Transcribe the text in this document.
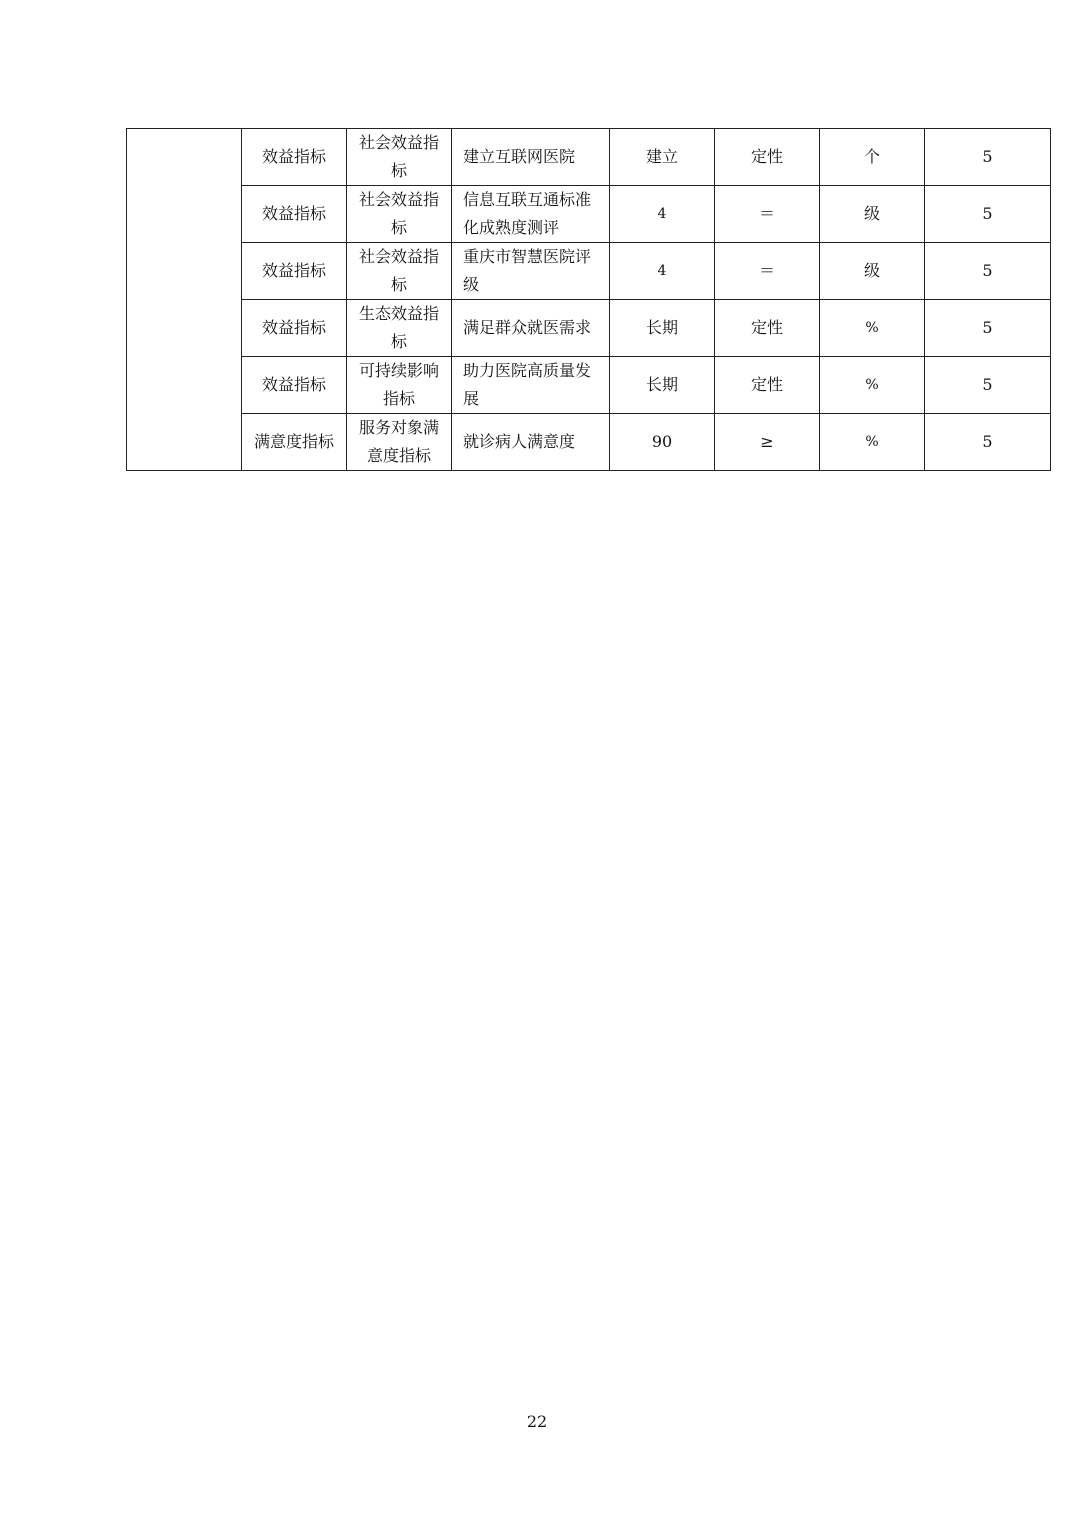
	效益指标	社会效益指标	建立互联网医院	建立	定性	个	5
	效益指标	社会效益指标	信息互联互通标准化成熟度测评	4	＝	级	5
	效益指标	社会效益指标	重庆市智慧医院评级	4	＝	级	5
	效益指标	生态效益指标	满足群众就医需求	长期	定性	%	5
	效益指标	可持续影响指标	助力医院高质量发展	长期	定性	%	5
	满意度指标	服务对象满意度指标	就诊病人满意度	90	≥	%	5
22
